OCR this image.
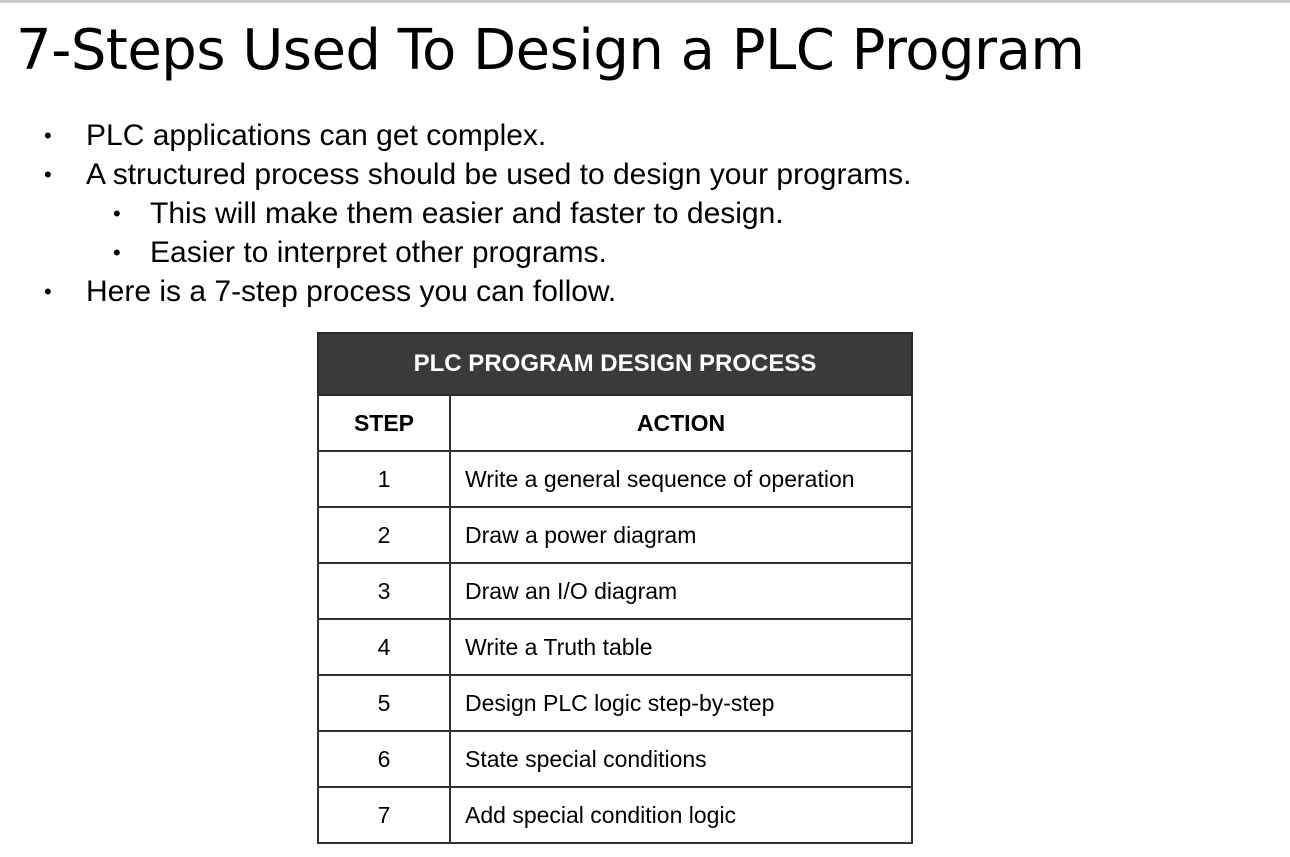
7-Steps Used To Design a PLC Program
• PLC applications can get complex.
• A structured process should be used to design your programs.
• This will make them easier and faster to design.
• Easier to interpret other programs.
• Here is a 7-step process you can follow.
PLC PROGRAM DESIGN PROCESS	
STEP	ACTION
1	Write a general sequence of operation
2	Draw a power diagram
3	Draw an I/O diagram
4	Write a Truth table
5	Design PLC logic step-by-step
6	State special conditions
7	Add special condition logic
